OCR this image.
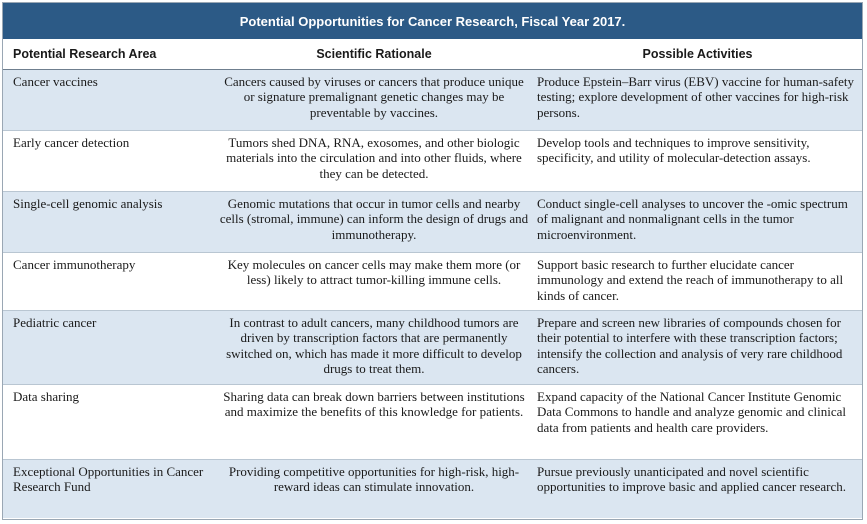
Potential Opportunities for Cancer Research, Fiscal Year 2017.
Potential Research Area	Scientific Rationale	Possible Activities
Cancer vaccines	Cancers caused by viruses or cancers that produce unique or signature premalignant genetic changes may be preventable by vaccines.	Produce Epstein–Barr virus (EBV) vaccine for human-safety testing; explore development of other vaccines for high-risk persons.
Early cancer detection	Tumors shed DNA, RNA, exosomes, and other biologic materials into the circulation and into other fluids, where they can be detected.	Develop tools and techniques to improve sensitivity, specificity, and utility of molecular-detection assays.
Single-cell genomic analysis	Genomic mutations that occur in tumor cells and nearby cells (stromal, immune) can inform the design of drugs and immunotherapy.	Conduct single-cell analyses to uncover the -omic spectrum of malignant and nonmalignant cells in the tumor microenvironment.
Cancer immunotherapy	Key molecules on cancer cells may make them more (or less) likely to attract tumor-killing immune cells.	Support basic research to further elucidate cancer immunology and extend the reach of immunotherapy to all kinds of cancer.
Pediatric cancer	In contrast to adult cancers, many childhood tumors are driven by transcription factors that are permanently switched on, which has made it more difficult to develop drugs to treat them.	Prepare and screen new libraries of compounds chosen for their potential to interfere with these transcription factors; intensify the collection and analysis of very rare childhood cancers.
Data sharing	Sharing data can break down barriers between institutions and maximize the benefits of this knowledge for patients.	Expand capacity of the National Cancer Institute Genomic Data Commons to handle and analyze genomic and clinical data from patients and health care providers.
Exceptional Opportunities in Cancer Research Fund	Providing competitive opportunities for high-risk, high-reward ideas can stimulate innovation.	Pursue previously unanticipated and novel scientific opportunities to improve basic and applied cancer research.
